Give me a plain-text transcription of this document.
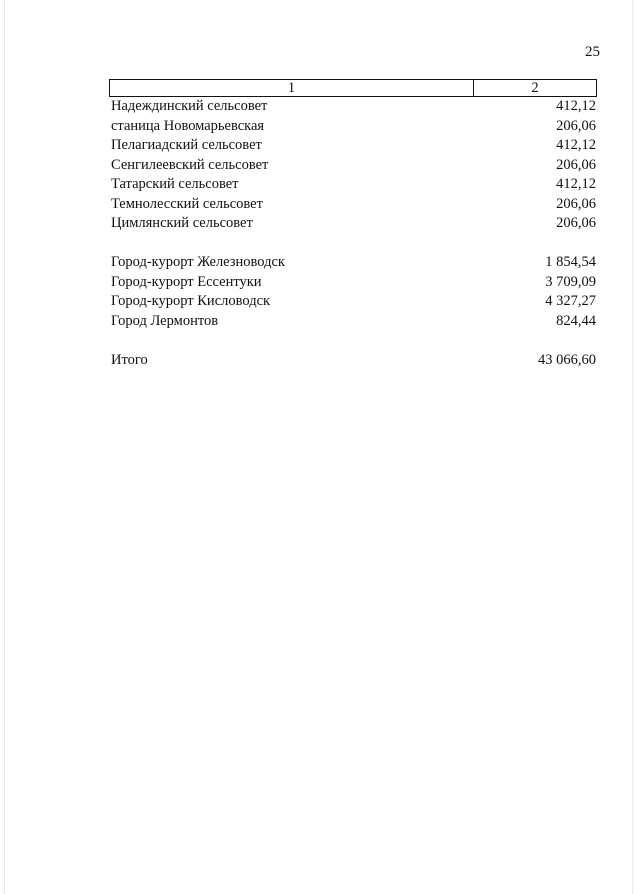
25
1	2
Надеждинский сельсовет	412,12
станица Новомарьевская	206,06
Пелагиадский сельсовет	412,12
Сенгилеевский сельсовет	206,06
Татарский сельсовет	412,12
Темнолесский сельсовет	206,06
Цимлянский сельсовет	206,06
Город-курорт Железноводск	1 854,54
Город-курорт Ессентуки	3 709,09
Город-курорт Кисловодск	4 327,27
Город Лермонтов	824,44
Итого	43 066,60
